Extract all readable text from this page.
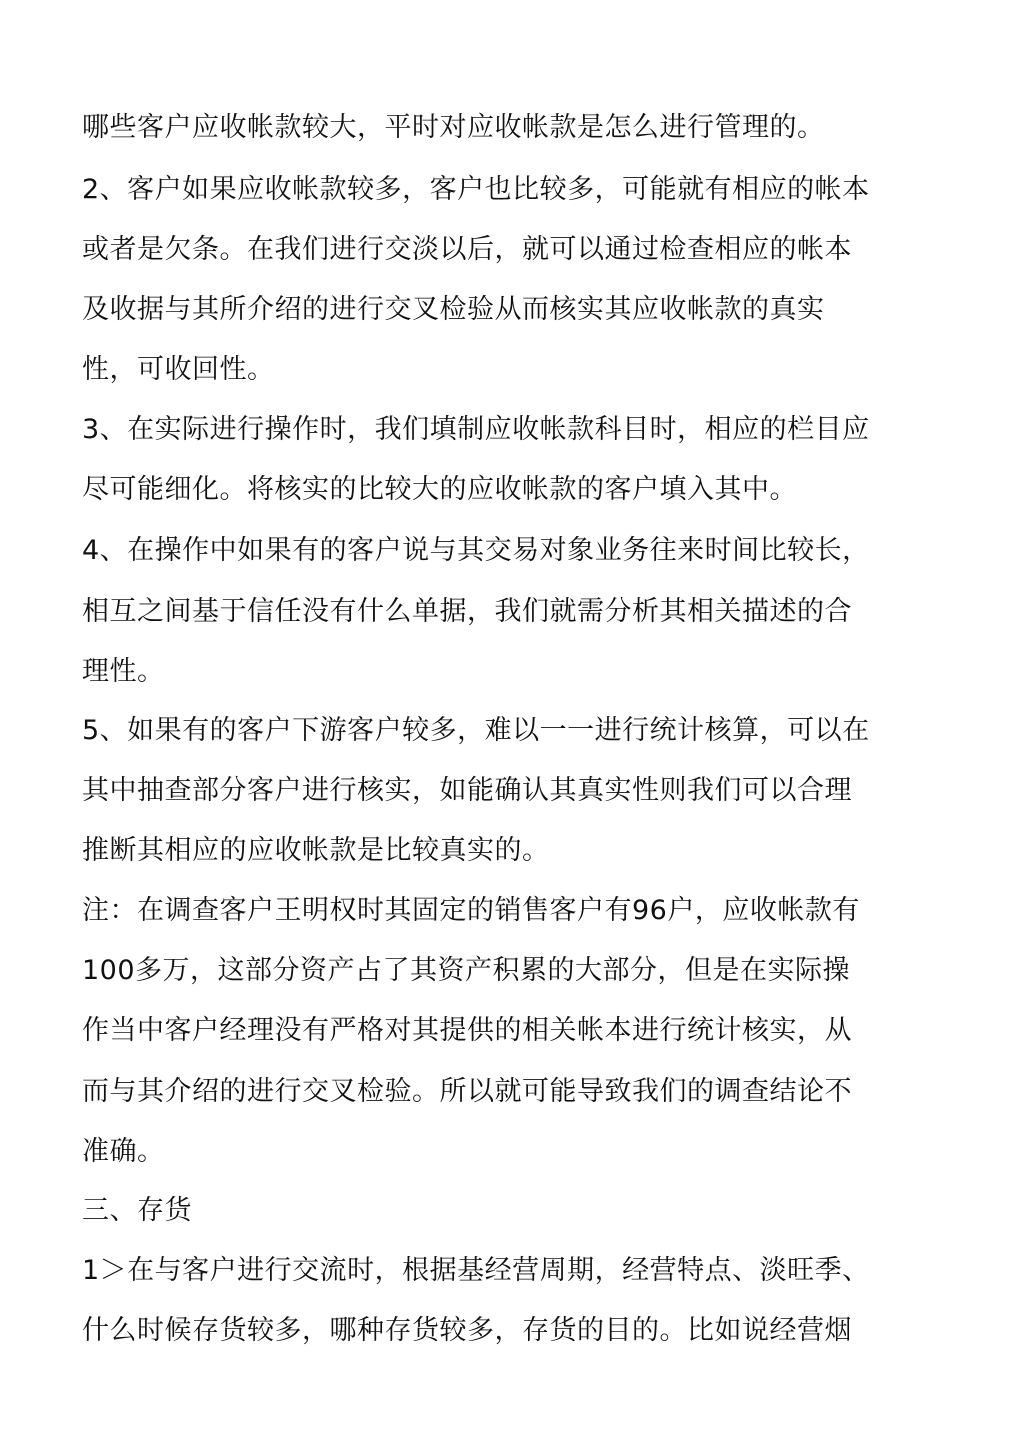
哪些客户应收帐款较大，平时对应收帐款是怎么进行管理的。
2、客户如果应收帐款较多，客户也比较多，可能就有相应的帐本
或者是欠条。在我们进行交淡以后，就可以通过检查相应的帐本
及收据与其所介绍的进行交叉检验从而核实其应收帐款的真实
性，可收回性。
3、在实际进行操作时，我们填制应收帐款科目时，相应的栏目应
尽可能细化。将核实的比较大的应收帐款的客户填入其中。
4、在操作中如果有的客户说与其交易对象业务往来时间比较长，
相互之间基于信任没有什么单据，我们就需分析其相关描述的合
理性。
5、如果有的客户下游客户较多，难以一一进行统计核算，可以在
其中抽查部分客户进行核实，如能确认其真实性则我们可以合理
推断其相应的应收帐款是比较真实的。
注：在调查客户王明权时其固定的销售客户有96户，应收帐款有
100多万，这部分资产占了其资产积累的大部分，但是在实际操
作当中客户经理没有严格对其提供的相关帐本进行统计核实，从
而与其介绍的进行交叉检验。所以就可能导致我们的调查结论不
准确。
三、存货
1＞在与客户进行交流时，根据基经营周期，经营特点、淡旺季、
什么时候存货较多，哪种存货较多，存货的目的。比如说经营烟
